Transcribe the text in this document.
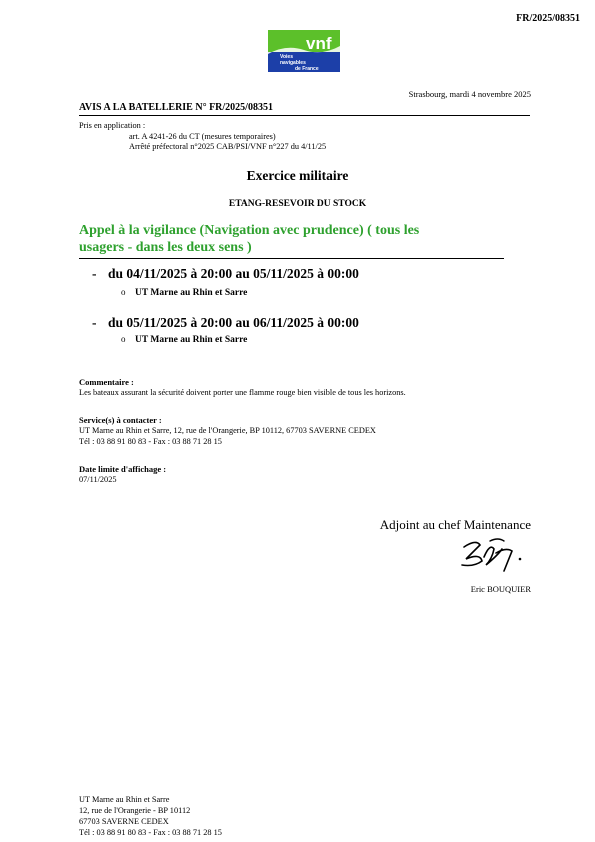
FR/2025/08351
vnf
Voies
navigables
de France
Strasbourg, mardi 4 novembre 2025
AVIS A LA BATELLERIE N° FR/2025/08351
Pris en application :
art. A 4241-26 du CT (mesures temporaires)
Arrêté préfectoral n°2025 CAB/PSI/VNF n°227 du 4/11/25
Exercice militaire
ETANG-RESEVOIR DU STOCK
Appel à la vigilance (Navigation avec prudence) ( tous les
usagers - dans les deux sens )
- du 04/11/2025 à 20:00 au 05/11/2025 à 00:00
o UT Marne au Rhin et Sarre
- du 05/11/2025 à 20:00 au 06/11/2025 à 00:00
o UT Marne au Rhin et Sarre
Commentaire :
Les bateaux assurant la sécurité doivent porter une flamme rouge bien visible de tous les horizons.
Service(s) à contacter :
UT Marne au Rhin et Sarre, 12, rue de l'Orangerie, BP 10112, 67703 SAVERNE CEDEX
Tél : 03 88 91 80 83 - Fax : 03 88 71 28 15
Date limite d'affichage :
07/11/2025
Adjoint au chef Maintenance
Eric BOUQUIER
UT Marne au Rhin et Sarre
12, rue de l'Orangerie - BP 10112
67703 SAVERNE CEDEX
Tél : 03 88 91 80 83 - Fax : 03 88 71 28 15
